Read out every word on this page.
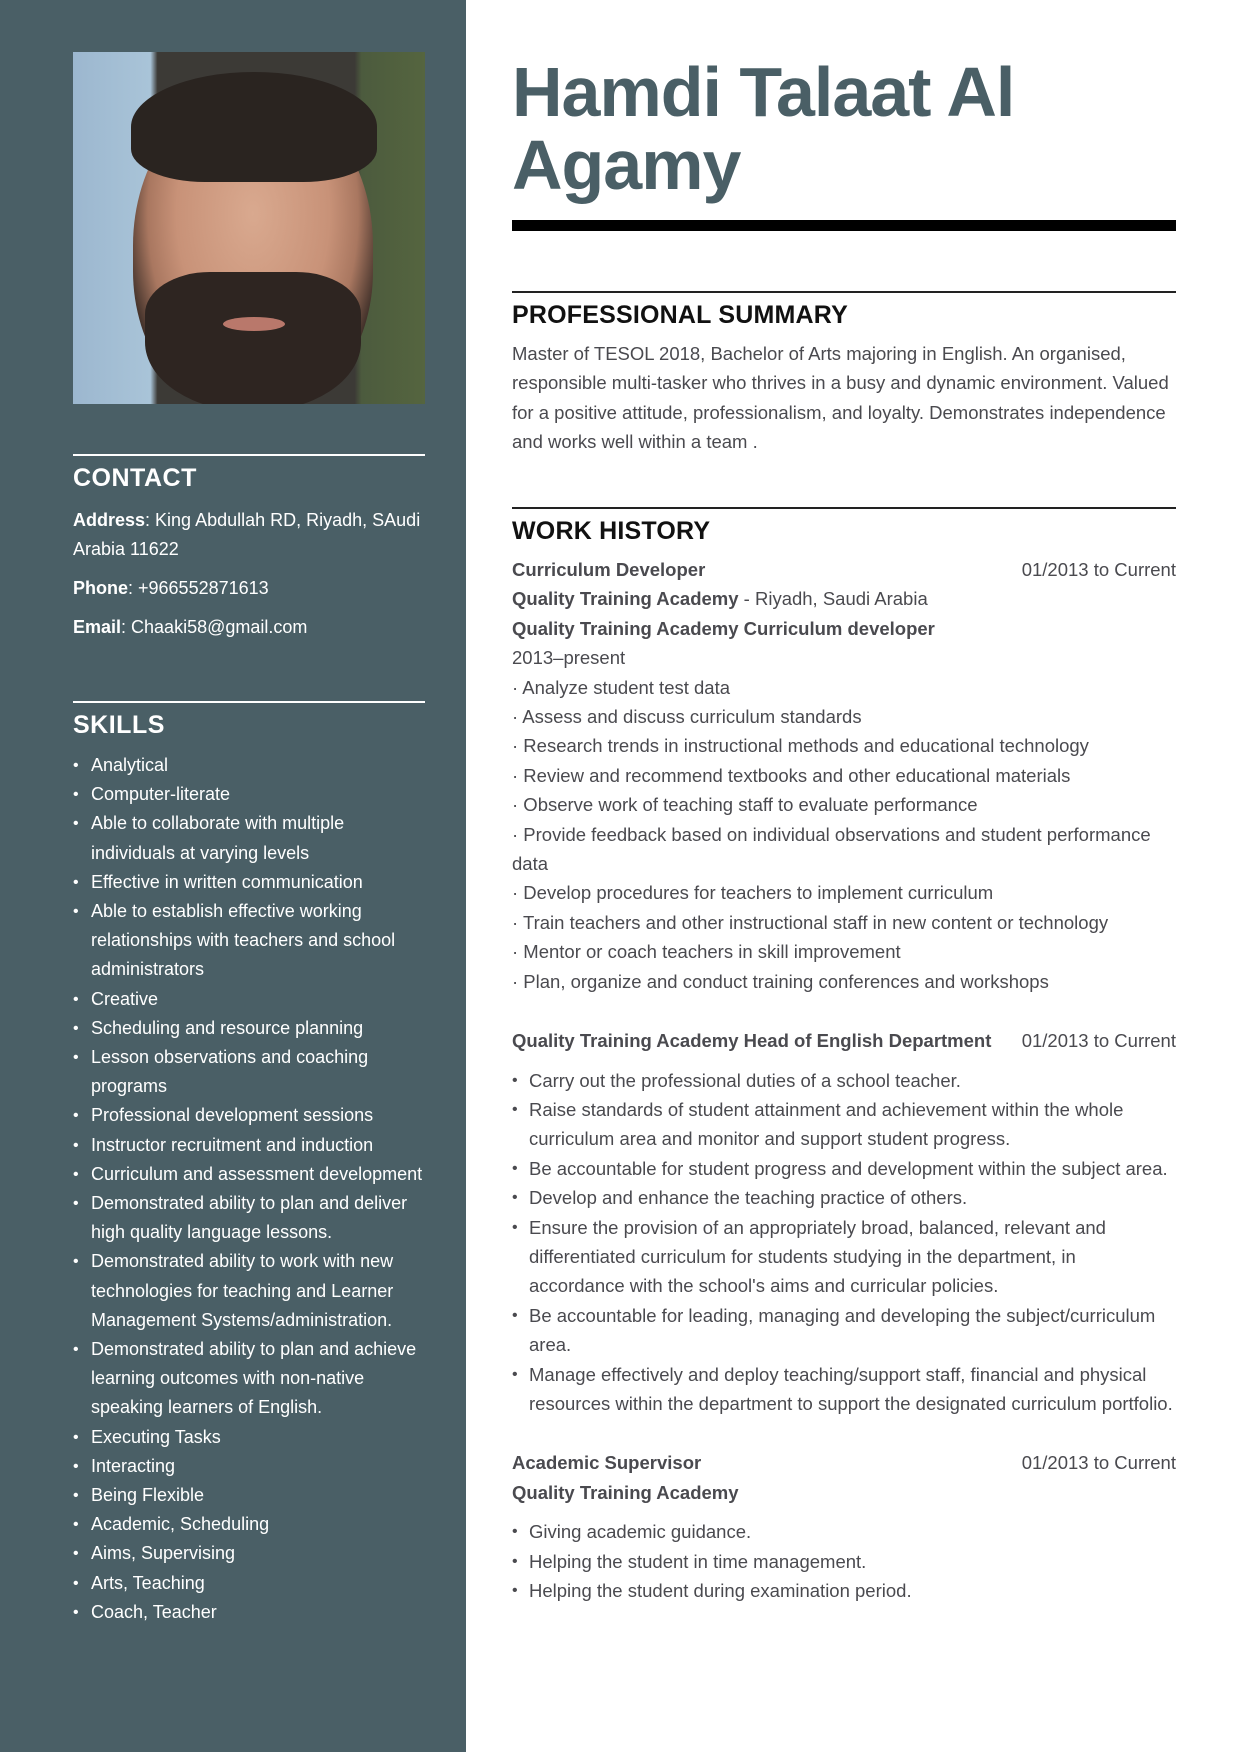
CONTACT
Address: King Abdullah RD, Riyadh, SAudi Arabia 11622
Phone: +966552871613
Email: Chaaki58@gmail.com
SKILLS
• Analytical
• Computer-literate
• Able to collaborate with multiple individuals at varying levels
• Effective in written communication
• Able to establish effective working relationships with teachers and school administrators
• Creative
• Scheduling and resource planning
• Lesson observations and coaching programs
• Professional development sessions
• Instructor recruitment and induction
• Curriculum and assessment development
• Demonstrated ability to plan and deliver high quality language lessons.
• Demonstrated ability to work with new technologies for teaching and Learner Management Systems/administration.
• Demonstrated ability to plan and achieve learning outcomes with non-native speaking learners of English.
• Executing Tasks
• Interacting
• Being Flexible
• Academic, Scheduling
• Aims, Supervising
• Arts, Teaching
• Coach, Teacher
Hamdi Talaat Al Agamy
PROFESSIONAL SUMMARY

Master of TESOL 2018, Bachelor of Arts majoring in English. An organised, responsible multi-tasker who thrives in a busy and dynamic environment. Valued for a positive attitude, professionalism, and loyalty. Demonstrates independence and works well within a team .

WORK HISTORY
Curriculum Developer	01/2013 to Current
Quality Training Academy - Riyadh, Saudi Arabia
Quality Training Academy Curriculum developer
2013–present
· Analyze student test data
· Assess and discuss curriculum standards
· Research trends in instructional methods and educational technology
· Review and recommend textbooks and other educational materials
· Observe work of teaching staff to evaluate performance
· Provide feedback based on individual observations and student performance data
· Develop procedures for teachers to implement curriculum
· Train teachers and other instructional staff in new content or technology
· Mentor or coach teachers in skill improvement
· Plan, organize and conduct training conferences and workshops
Quality Training Academy Head of English Department 01/2013 to Current
• Carry out the professional duties of a school teacher.
• Raise standards of student attainment and achievement within the whole curriculum area and monitor and support student progress.
• Be accountable for student progress and development within the subject area.
• Develop and enhance the teaching practice of others.
• Ensure the provision of an appropriately broad, balanced, relevant and differentiated curriculum for students studying in the department, in accordance with the school's aims and curricular policies.
• Be accountable for leading, managing and developing the subject/curriculum area.
• Manage effectively and deploy teaching/support staff, financial and physical resources within the department to support the designated curriculum portfolio.
Academic Supervisor	01/2013 to Current
Quality Training Academy
• Giving academic guidance.
• Helping the student in time management.
• Helping the student during examination period.
